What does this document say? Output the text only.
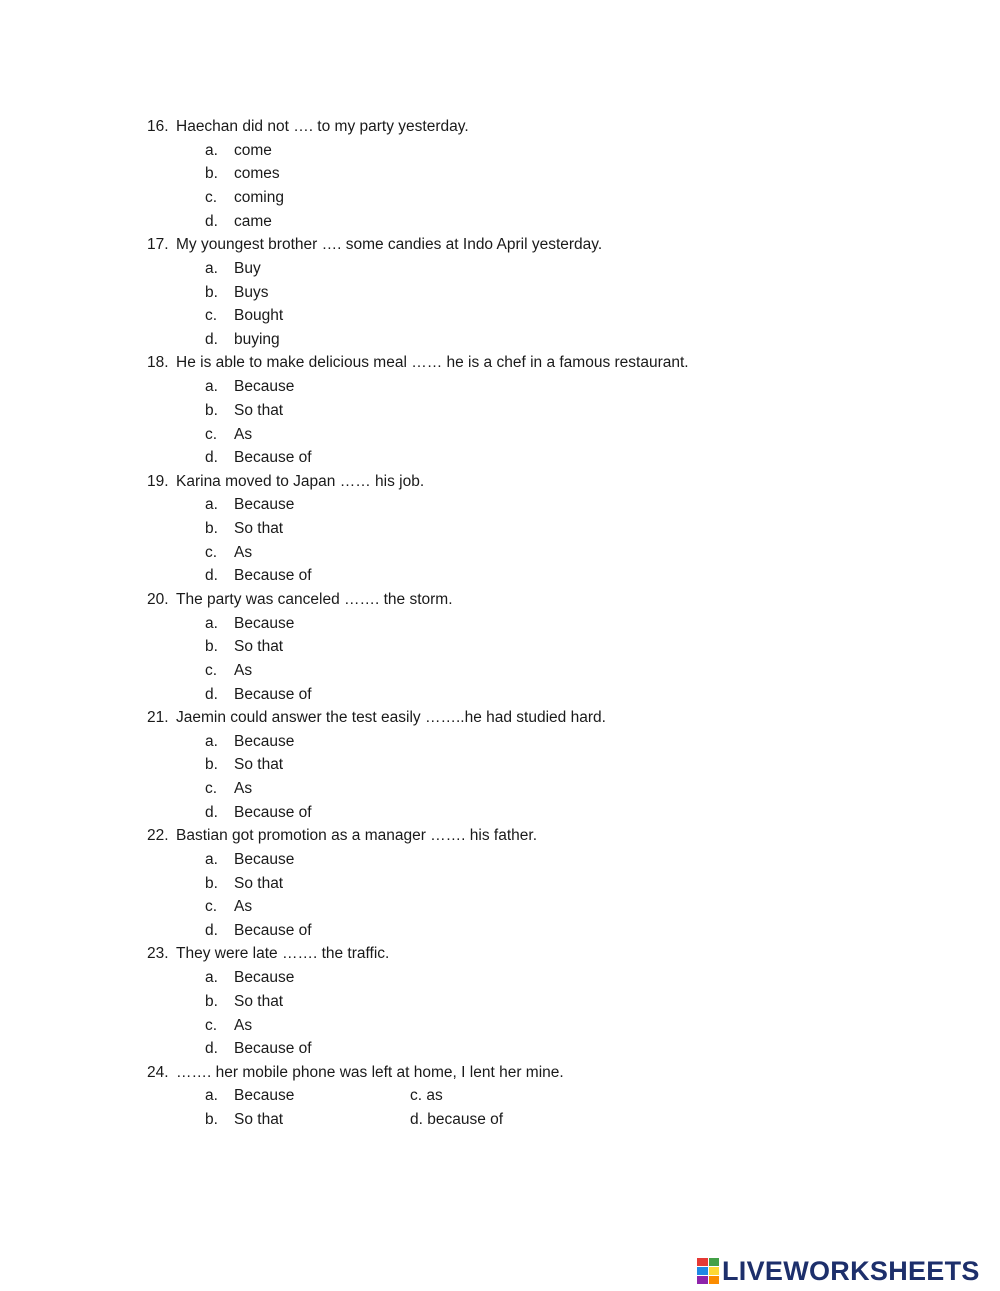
16. Haechan did not …. to my party yesterday.
a. come
b. comes
c. coming
d. came
17. My youngest brother …. some candies at Indo April yesterday.
a. Buy
b. Buys
c. Bought
d. buying
18. He is able to make delicious meal …… he is a chef in a famous restaurant.
a. Because
b. So that
c. As
d. Because of
19. Karina moved to Japan …… his job.
a. Because
b. So that
c. As
d. Because of
20. The party was canceled ……. the storm.
a. Because
b. So that
c. As
d. Because of
21. Jaemin could answer the test easily ……..he had studied hard.
a. Because
b. So that
c. As
d. Because of
22. Bastian got promotion as a manager ……. his father.
a. Because
b. So that
c. As
d. Because of
23. They were late ……. the traffic.
a. Because
b. So that
c. As
d. Because of
24. ……. her mobile phone was left at home, I lent her mine.
a. Because
b. So that
c. as
d. because of
LIVEWORKSHEETS
